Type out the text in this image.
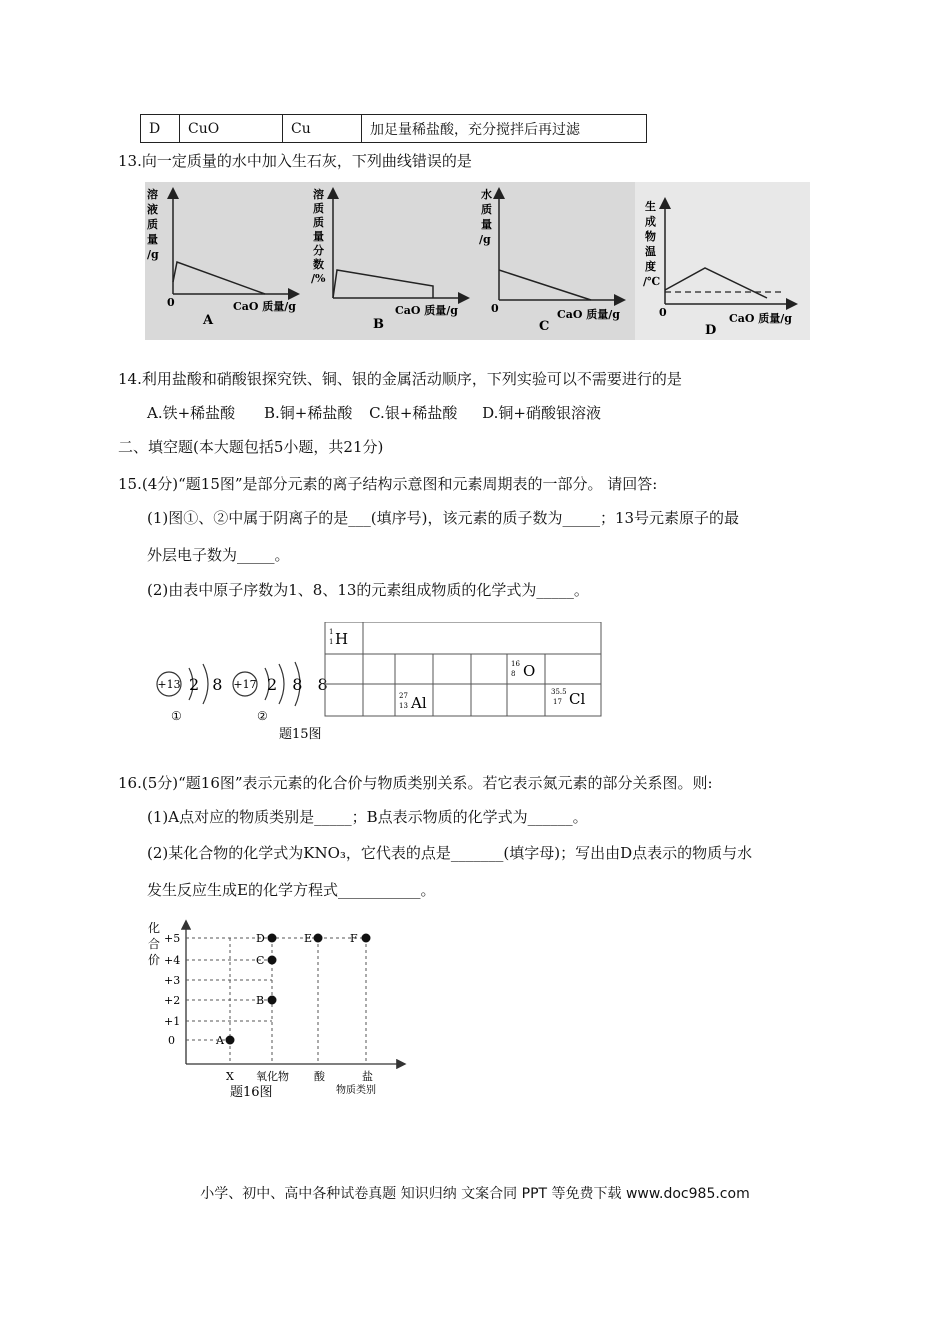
D	CuO	Cu	加足量稀盐酸，充分搅拌后再过滤
13.向一定质量的水中加入生石灰，下列曲线错误的是
溶液质量/g
0	CaO 质量/g
A
溶质质量分数/%
CaO 质量/g
B
水质量/g
0	CaO 质量/g
C
生成物温度/℃
0	CaO 质量/g
D
14.利用盐酸和硝酸银探究铁、铜、银的金属活动顺序，下列实验可以不需要进行的是
A.铁+稀盐酸 B.铜+稀盐酸 C.银+稀盐酸 D.铜+硝酸银溶液
二、填空题(本大题包括5小题，共21分)
15.(4分)“题15图”是部分元素的离子结构示意图和元素周期表的一部分。 请回答:
(1)图①、②中属于阴离子的是___(填序号)，该元素的质子数为_____；13号元素原子的最
外层电子数为_____。
(2)由表中原子序数为1、8、13的元素组成物质的化学式为_____。
+13 2 8
①
+17 2 8 8
②
题15图
1
1 H
16
8 O
27
13 Al
35.5
17 Cl
16.(5分)“题16图”表示元素的化合价与物质类别关系。若它表示氮元素的部分关系图。则:
(1)A点对应的物质类别是_____；B点表示物质的化学式为______。
(2)某化合物的化学式为KNO₃，它代表的点是_______(填字母)；写出由D点表示的物质与水
发生反应生成E的化学方程式___________。
化合价
+5
+4
+3
+2
+1
0	A
B
C
D	E	F
X 氧化物 酸	盐
物质类别
题16图
小学、初中、高中各种试卷真题 知识归纳 文案合同 PPT 等免费下载 www.doc985.com
